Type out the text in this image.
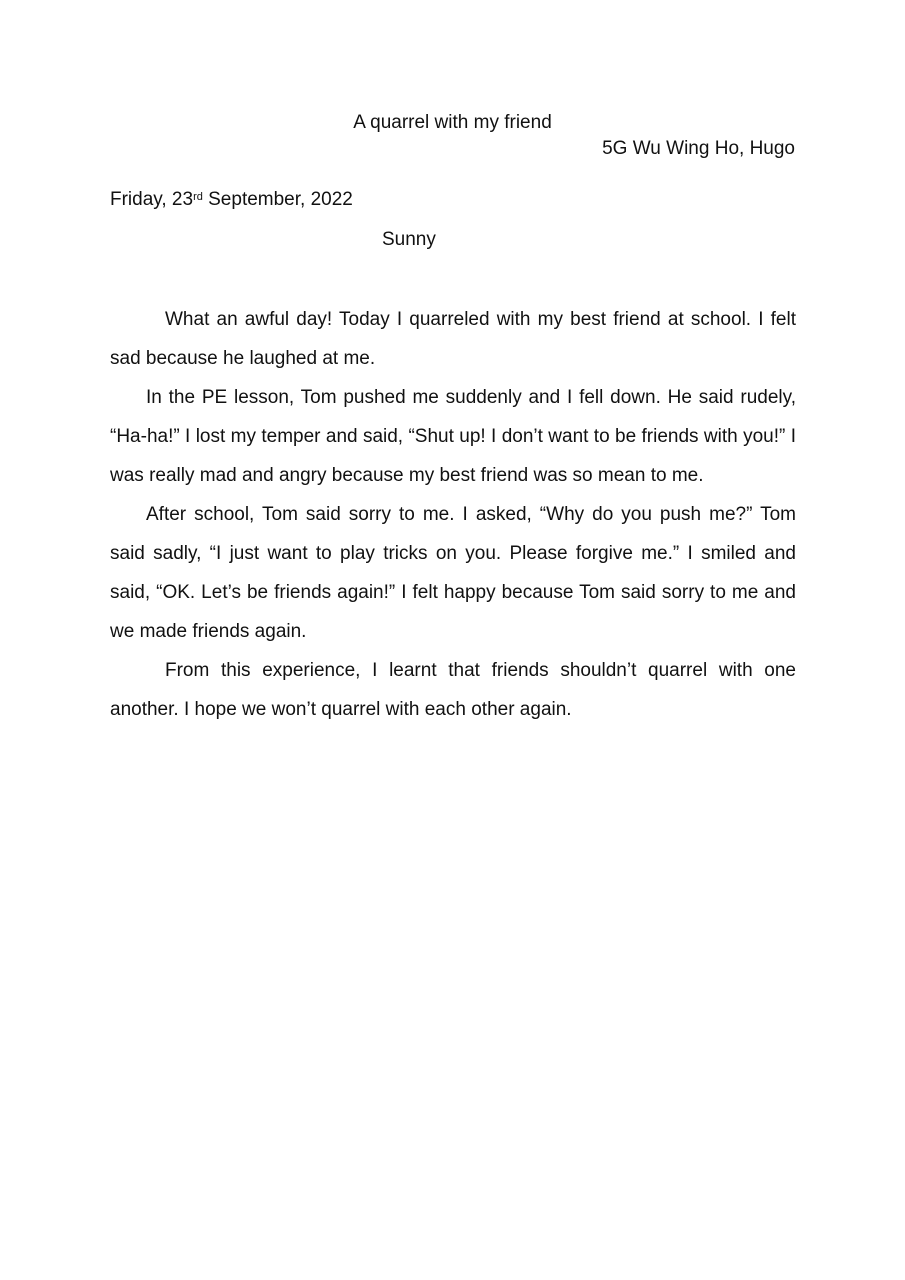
A quarrel with my friend
5G Wu Wing Ho, Hugo
Friday, 23rd September, 2022
Sunny

What an awful day! Today I quarreled with my best friend at school. I felt sad because he laughed at me.

In the PE lesson, Tom pushed me suddenly and I fell down. He said rudely, “Ha-ha!” I lost my temper and said, “Shut up! I don’t want to be friends with you!” I was really mad and angry because my best friend was so mean to me.

After school, Tom said sorry to me. I asked, “Why do you push me?” Tom said sadly, “I just want to play tricks on you. Please forgive me.” I smiled and said, “OK. Let’s be friends again!” I felt happy because Tom said sorry to me and we made friends again.

From this experience, I learnt that friends shouldn’t quarrel with one another. I hope we won’t quarrel with each other again.
